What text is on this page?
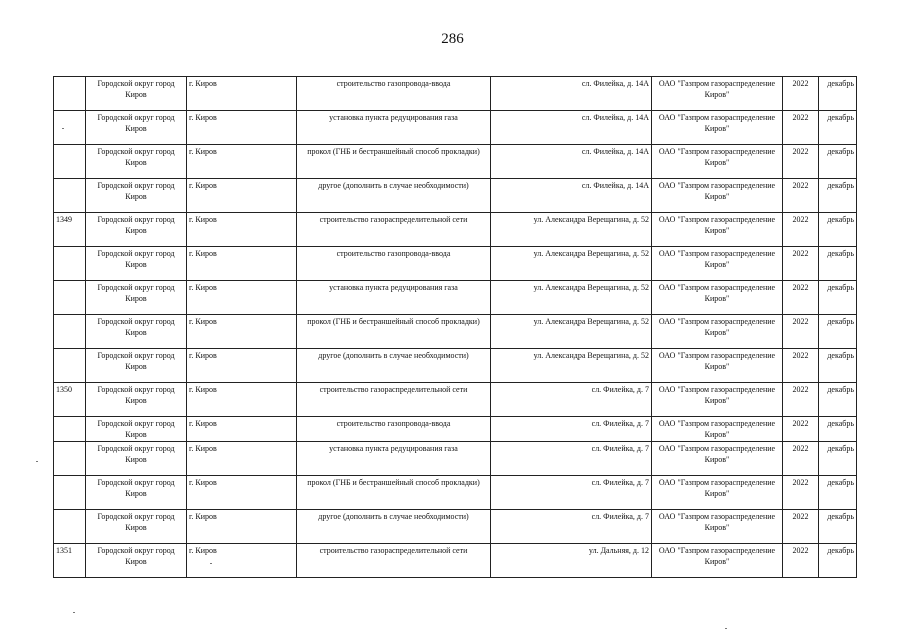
286
	Городской округ город Киров	г. Киров	строительство газопровода-ввода	сл. Филейка, д. 14А	ОАО "Газпром газораспределение Киров"	2022	декабрь
	Городской округ город Киров	г. Киров	установка пункта редуцирования газа	сл. Филейка, д. 14А	ОАО "Газпром газораспределение Киров"	2022	декабрь
	Городской округ город Киров	г. Киров	прокол (ГНБ и бестраншейный способ прокладки)	сл. Филейка, д. 14А	ОАО "Газпром газораспределение Киров"	2022	декабрь
	Городской округ город Киров	г. Киров	другое (дополнить в случае необходимости)	сл. Филейка, д. 14А	ОАО "Газпром газораспределение Киров"	2022	декабрь
1349	Городской округ город Киров	г. Киров	строительство газораспределительной сети	ул. Александра Верещагина, д. 52	ОАО "Газпром газораспределение Киров"	2022	декабрь
	Городской округ город Киров	г. Киров	строительство газопровода-ввода	ул. Александра Верещагина, д. 52	ОАО "Газпром газораспределение Киров"	2022	декабрь
	Городской округ город Киров	г. Киров	установка пункта редуцирования газа	ул. Александра Верещагина, д. 52	ОАО "Газпром газораспределение Киров"	2022	декабрь
	Городской округ город Киров	г. Киров	прокол (ГНБ и бестраншейный способ прокладки)	ул. Александра Верещагина, д. 52	ОАО "Газпром газораспределение Киров"	2022	декабрь
	Городской округ город Киров	г. Киров	другое (дополнить в случае необходимости)	ул. Александра Верещагина, д. 52	ОАО "Газпром газораспределение Киров"	2022	декабрь
1350	Городской округ город Киров	г. Киров	строительство газораспределительной сети	сл. Филейка, д. 7	ОАО "Газпром газораспределение Киров"	2022	декабрь
	Городской округ город Киров	г. Киров	строительство газопровода-ввода	сл. Филейка, д. 7	ОАО "Газпром газораспределение Киров"	2022	декабрь
	Городской округ город Киров	г. Киров	установка пункта редуцирования газа	сл. Филейка, д. 7	ОАО "Газпром газораспределение Киров"	2022	декабрь
	Городской округ город Киров	г. Киров	прокол (ГНБ и бестраншейный способ прокладки)	сл. Филейка, д. 7	ОАО "Газпром газораспределение Киров"	2022	декабрь
	Городской округ город Киров	г. Киров	другое (дополнить в случае необходимости)	сл. Филейка, д. 7	ОАО "Газпром газораспределение Киров"	2022	декабрь
1351	Городской округ город Киров	г. Киров	строительство газораспределительной сети	ул. Дальняя, д. 12	ОАО "Газпром газораспределение Киров"	2022	декабрь
